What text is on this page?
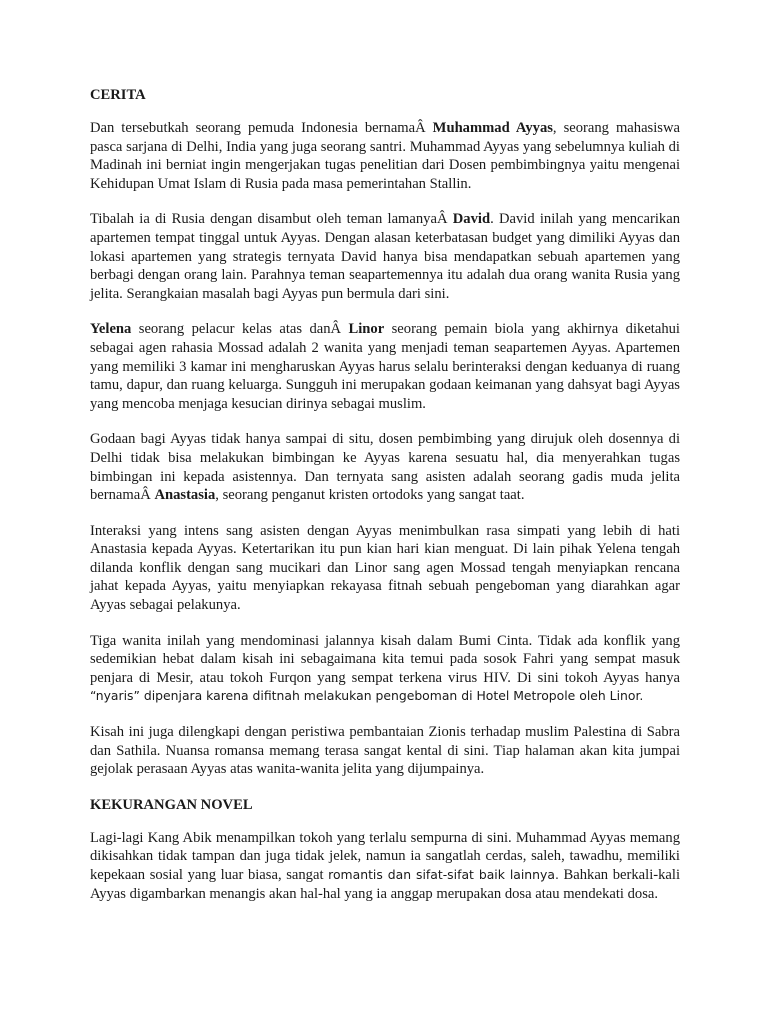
CERITA

Dan tersebutkah seorang pemuda Indonesia bernamaÂ Muhammad Ayyas, seorang mahasiswa pasca sarjana di Delhi, India yang juga seorang santri. Muhammad Ayyas yang sebelumnya kuliah di Madinah ini berniat ingin mengerjakan tugas penelitian dari Dosen pembimbingnya yaitu mengenai Kehidupan Umat Islam di Rusia pada masa pemerintahan Stallin.

Tibalah ia di Rusia dengan disambut oleh teman lamanyaÂ David. David inilah yang mencarikan apartemen tempat tinggal untuk Ayyas. Dengan alasan keterbatasan budget yang dimiliki Ayyas dan lokasi apartemen yang strategis ternyata David hanya bisa mendapatkan sebuah apartemen yang berbagi dengan orang lain. Parahnya teman seapartemennya itu adalah dua orang wanita Rusia yang jelita. Serangkaian masalah bagi Ayyas pun bermula dari sini.

Yelena seorang pelacur kelas atas danÂ Linor seorang pemain biola yang akhirnya diketahui sebagai agen rahasia Mossad adalah 2 wanita yang menjadi teman seapartemen Ayyas. Apartemen yang memiliki 3 kamar ini mengharuskan Ayyas harus selalu berinteraksi dengan keduanya di ruang tamu, dapur, dan ruang keluarga. Sungguh ini merupakan godaan keimanan yang dahsyat bagi Ayyas yang mencoba menjaga kesucian dirinya sebagai muslim.

Godaan bagi Ayyas tidak hanya sampai di situ, dosen pembimbing yang dirujuk oleh dosennya di Delhi tidak bisa melakukan bimbingan ke Ayyas karena sesuatu hal, dia menyerahkan tugas bimbingan ini kepada asistennya. Dan ternyata sang asisten adalah seorang gadis muda jelita bernamaÂ Anastasia, seorang penganut kristen ortodoks yang sangat taat.

Interaksi yang intens sang asisten dengan Ayyas menimbulkan rasa simpati yang lebih di hati Anastasia kepada Ayyas. Ketertarikan itu pun kian hari kian menguat. Di lain pihak Yelena tengah dilanda konflik dengan sang mucikari dan Linor sang agen Mossad tengah menyiapkan rencana jahat kepada Ayyas, yaitu menyiapkan rekayasa fitnah sebuah pengeboman yang diarahkan agar Ayyas sebagai pelakunya.

Tiga wanita inilah yang mendominasi jalannya kisah dalam Bumi Cinta. Tidak ada konflik yang sedemikian hebat dalam kisah ini sebagaimana kita temui pada sosok Fahri yang sempat masuk penjara di Mesir, atau tokoh Furqon yang sempat terkena virus HIV. Di sini tokoh Ayyas hanya “nyaris” dipenjara karena difitnah melakukan pengeboman di Hotel Metropole oleh Linor.

Kisah ini juga dilengkapi dengan peristiwa pembantaian Zionis terhadap muslim Palestina di Sabra dan Sathila. Nuansa romansa memang terasa sangat kental di sini. Tiap halaman akan kita jumpai gejolak perasaan Ayyas atas wanita-wanita jelita yang dijumpainya.

KEKURANGAN NOVEL

Lagi-lagi Kang Abik menampilkan tokoh yang terlalu sempurna di sini. Muhammad Ayyas memang dikisahkan tidak tampan dan juga tidak jelek, namun ia sangatlah cerdas, saleh, tawadhu, memiliki kepekaan sosial yang luar biasa, sangat romantis dan sifat-sifat baik lainnya. Bahkan berkali-kali Ayyas digambarkan menangis akan hal-hal yang ia anggap merupakan dosa atau mendekati dosa.
